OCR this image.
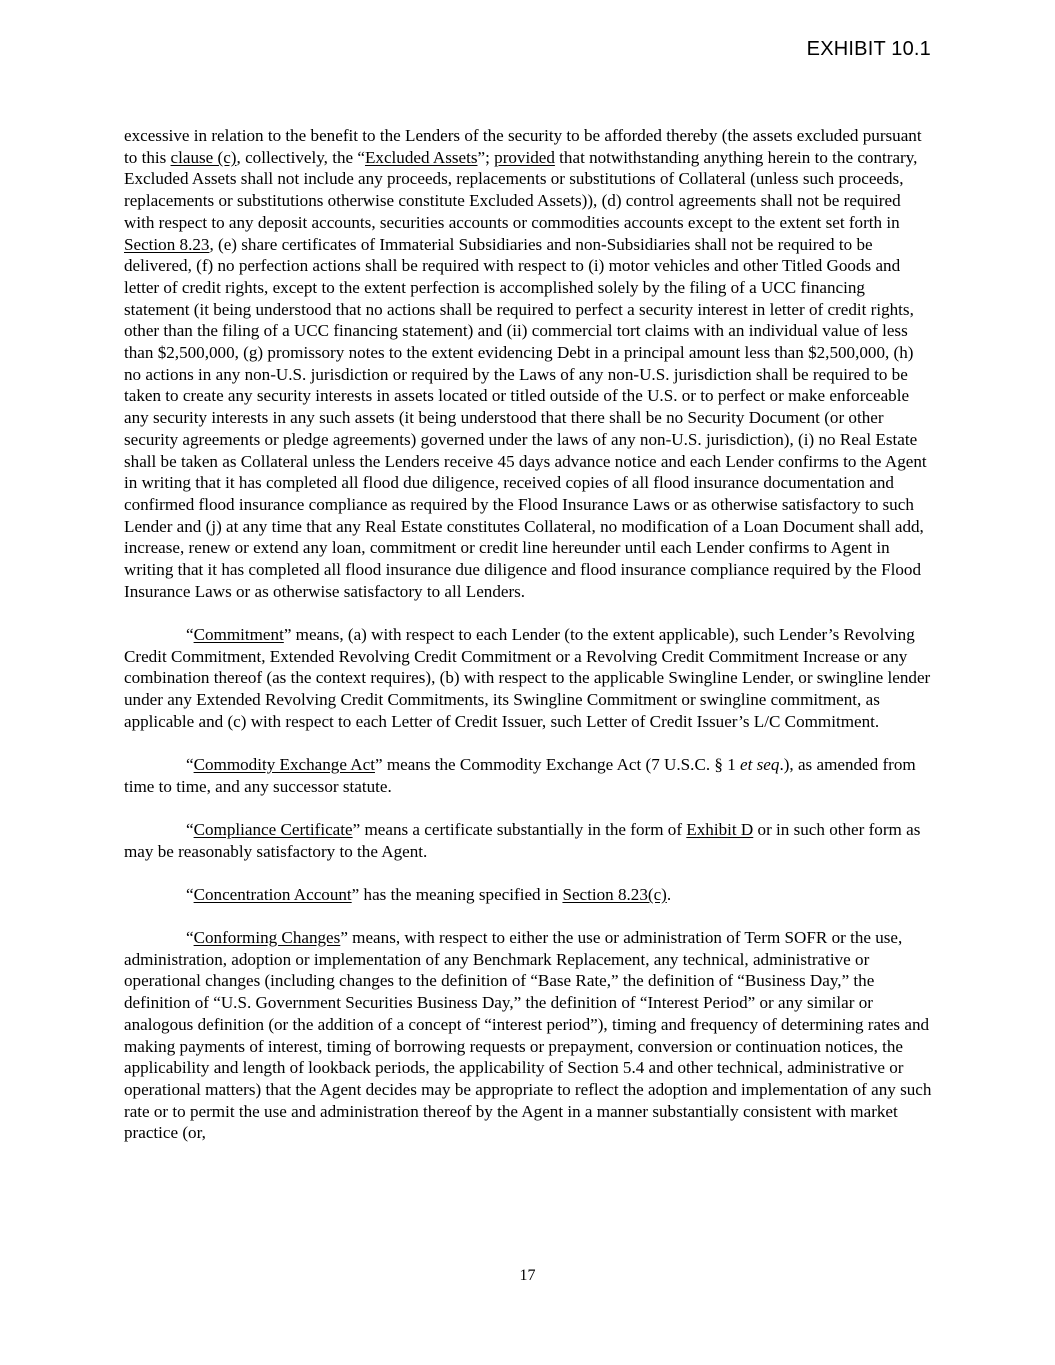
EXHIBIT 10.1

excessive in relation to the benefit to the Lenders of the security to be afforded thereby (the assets excluded pursuant to this clause (c), collectively, the “Excluded Assets”; provided that notwithstanding anything herein to the contrary, Excluded Assets shall not include any proceeds, replacements or substitutions of Collateral (unless such proceeds, replacements or substitutions otherwise constitute Excluded Assets)), (d) control agreements shall not be required with respect to any deposit accounts, securities accounts or commodities accounts except to the extent set forth in Section 8.23, (e) share certificates of Immaterial Subsidiaries and non-Subsidiaries shall not be required to be delivered, (f) no perfection actions shall be required with respect to (i) motor vehicles and other Titled Goods and letter of credit rights, except to the extent perfection is accomplished solely by the filing of a UCC financing statement (it being understood that no actions shall be required to perfect a security interest in letter of credit rights, other than the filing of a UCC financing statement) and (ii) commercial tort claims with an individual value of less than $2,500,000, (g) promissory notes to the extent evidencing Debt in a principal amount less than $2,500,000, (h) no actions in any non-U.S. jurisdiction or required by the Laws of any non-U.S. jurisdiction shall be required to be taken to create any security interests in assets located or titled outside of the U.S. or to perfect or make enforceable any security interests in any such assets (it being understood that there shall be no Security Document (or other security agreements or pledge agreements) governed under the laws of any non-U.S. jurisdiction), (i) no Real Estate shall be taken as Collateral unless the Lenders receive 45 days advance notice and each Lender confirms to the Agent in writing that it has completed all flood due diligence, received copies of all flood insurance documentation and confirmed flood insurance compliance as required by the Flood Insurance Laws or as otherwise satisfactory to such Lender and (j) at any time that any Real Estate constitutes Collateral, no modification of a Loan Document shall add, increase, renew or extend any loan, commitment or credit line hereunder until each Lender confirms to Agent in writing that it has completed all flood insurance due diligence and flood insurance compliance required by the Flood Insurance Laws or as otherwise satisfactory to all Lenders.

“Commitment” means, (a) with respect to each Lender (to the extent applicable), such Lender’s Revolving Credit Commitment, Extended Revolving Credit Commitment or a Revolving Credit Commitment Increase or any combination thereof (as the context requires), (b) with respect to the applicable Swingline Lender, or swingline lender under any Extended Revolving Credit Commitments, its Swingline Commitment or swingline commitment, as applicable and (c) with respect to each Letter of Credit Issuer, such Letter of Credit Issuer’s L/C Commitment.

“Commodity Exchange Act” means the Commodity Exchange Act (7 U.S.C. § 1 et seq.), as amended from time to time, and any successor statute.

“Compliance Certificate” means a certificate substantially in the form of Exhibit D or in such other form as may be reasonably satisfactory to the Agent.

“Concentration Account” has the meaning specified in Section 8.23(c).

“Conforming Changes” means, with respect to either the use or administration of Term SOFR or the use, administration, adoption or implementation of any Benchmark Replacement, any technical, administrative or operational changes (including changes to the definition of “Base Rate,” the definition of “Business Day,” the definition of “U.S. Government Securities Business Day,” the definition of “Interest Period” or any similar or analogous definition (or the addition of a concept of “interest period”), timing and frequency of determining rates and making payments of interest, timing of borrowing requests or prepayment, conversion or continuation notices, the applicability and length of lookback periods, the applicability of Section 5.4 and other technical, administrative or operational matters) that the Agent decides may be appropriate to reflect the adoption and implementation of any such rate or to permit the use and administration thereof by the Agent in a manner substantially consistent with market practice (or,

17
